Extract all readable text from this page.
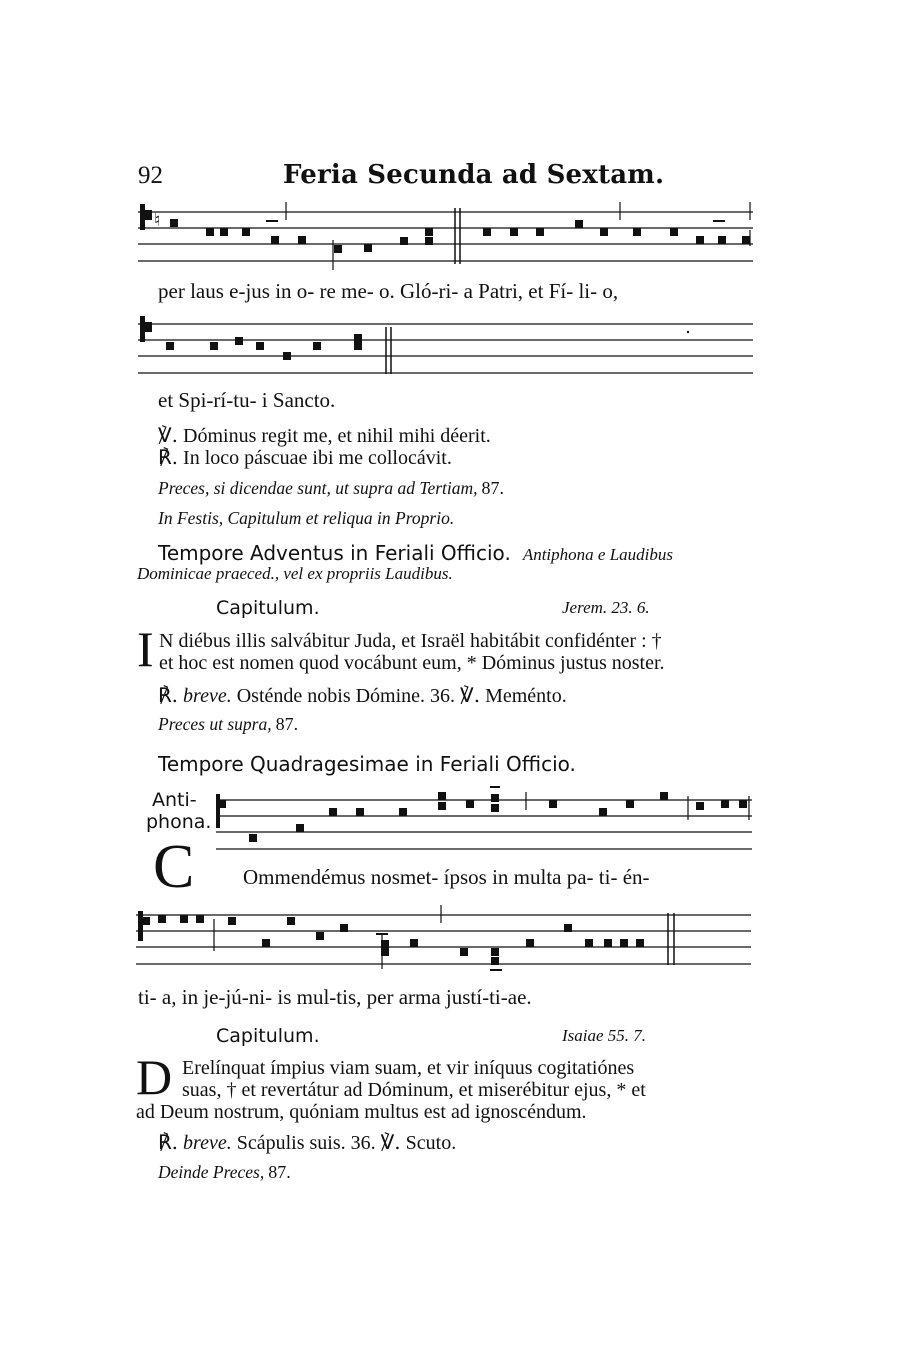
92	Feria Secunda ad Sextam.
♮
per laus e-jus in o- re me- o. Gló-ri- a Patri, et Fí- li- o,
et Spi-rí-tu- i Sancto.
℣. Dóminus regit me, et nihil mihi déerit.
℟. In loco páscuae ibi me collocávit.
Preces, si dicendae sunt, ut supra ad Tertiam, 87.
In Festis, Capitulum et reliqua in Proprio.
Tempore Adventus in Feriali Officio. Antiphona e Laudibus
Dominicae praeced., vel ex propriis Laudibus.
Capitulum.	Jerem. 23. 6.
I N diébus illis salvábitur Juda, et Israël habitábit confidénter : †
et hoc est nomen quod vocábunt eum, * Dóminus justus noster.
℟. breve. Osténde nobis Dómine. 36. ℣. Meménto.
Preces ut supra, 87.
Tempore Quadragesimae in Feriali Officio.
Anti-
phona.
C Ommendémus nosmet- ípsos in multa pa- ti- én-
ti- a, in je-jú-ni- is mul-tis, per arma justí-ti-ae.
Capitulum.	Isaiae 55. 7.
D Erelínquat ímpius viam suam, et vir iníquus cogitatiónes
suas, † et revertátur ad Dóminum, et miserébitur ejus, * et
ad Deum nostrum, quóniam multus est ad ignoscéndum.
℟. breve. Scápulis suis. 36. ℣. Scuto.
Deinde Preces, 87.
